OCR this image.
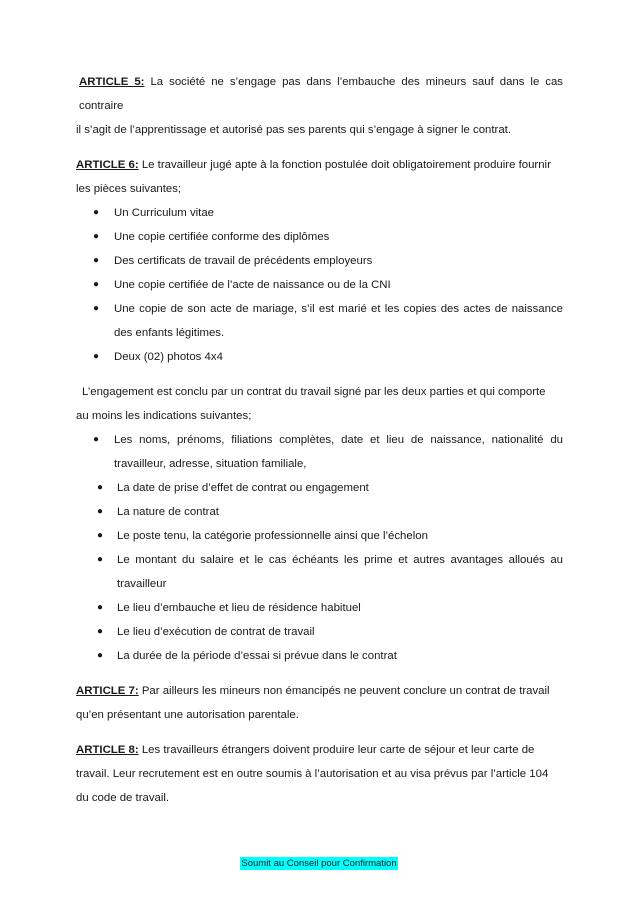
ARTICLE 5: La société ne s’engage pas dans l’embauche des mineurs sauf dans le cas contraire
il s’agit de l’apprentissage et autorisé pas ses parents qui s’engage à signer le contrat.

ARTICLE 6: Le travailleur jugé apte à la fonction postulée doit obligatoirement produire fournir
les pièces suivantes;

● Un Curriculum vitae
● Une copie certifiée conforme des diplômes
● Des certificats de travail de précédents employeurs
● Une copie certifiée de l’acte de naissance ou de la CNI
● Une copie de son acte de mariage, s’il est marié et les copies des actes de naissance des enfants légitimes.
● Deux (02) photos 4x4

L’engagement est conclu par un contrat du travail signé par les deux parties et qui comporte
au moins les indications suivantes;

● Les noms, prénoms, filiations complètes, date et lieu de naissance, nationalité du travailleur, adresse, situation familiale,
● La date de prise d’effet de contrat ou engagement
● La nature de contrat
● Le poste tenu, la catégorie professionnelle ainsi que l’échelon
● Le montant du salaire et le cas échéants les prime et autres avantages alloués au travailleur
● Le lieu d’embauche et lieu de résidence habituel
● Le lieu d’exécution de contrat de travail
● La durée de la période d’essai si prévue dans le contrat

ARTICLE 7: Par ailleurs les mineurs non émancipés ne peuvent conclure un contrat de travail
qu’en présentant une autorisation parentale.

ARTICLE 8: Les travailleurs étrangers doivent produire leur carte de séjour et leur carte de
travail. Leur recrutement est en outre soumis à l’autorisation et au visa prévus par l’article 104
du code de travail.

Soumit au Conseil pour Confirmation
